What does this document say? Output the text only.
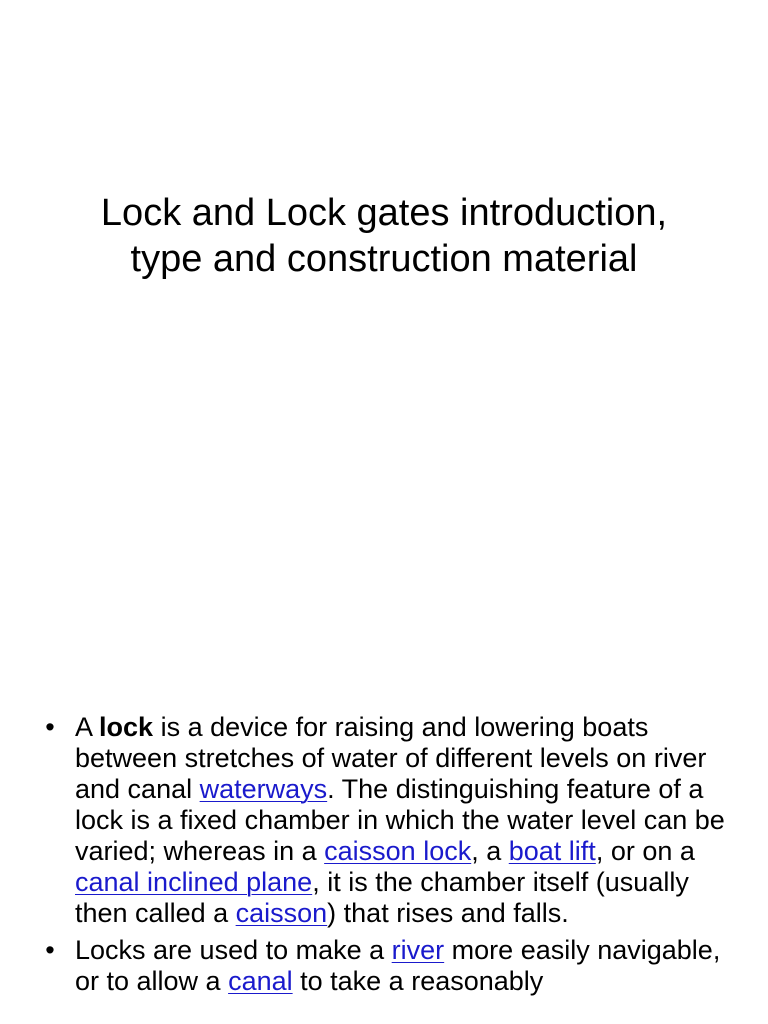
Lock and Lock gates introduction,
type and construction material
• A lock is a device for raising and lowering boats between stretches of water of different levels on river and canal waterways. The distinguishing feature of a lock is a fixed chamber in which the water level can be varied; whereas in a caisson lock, a boat lift, or on a canal inclined plane, it is the chamber itself (usually then called a caisson) that rises and falls.
• Locks are used to make a river more easily navigable, or to allow a canal to take a reasonably
